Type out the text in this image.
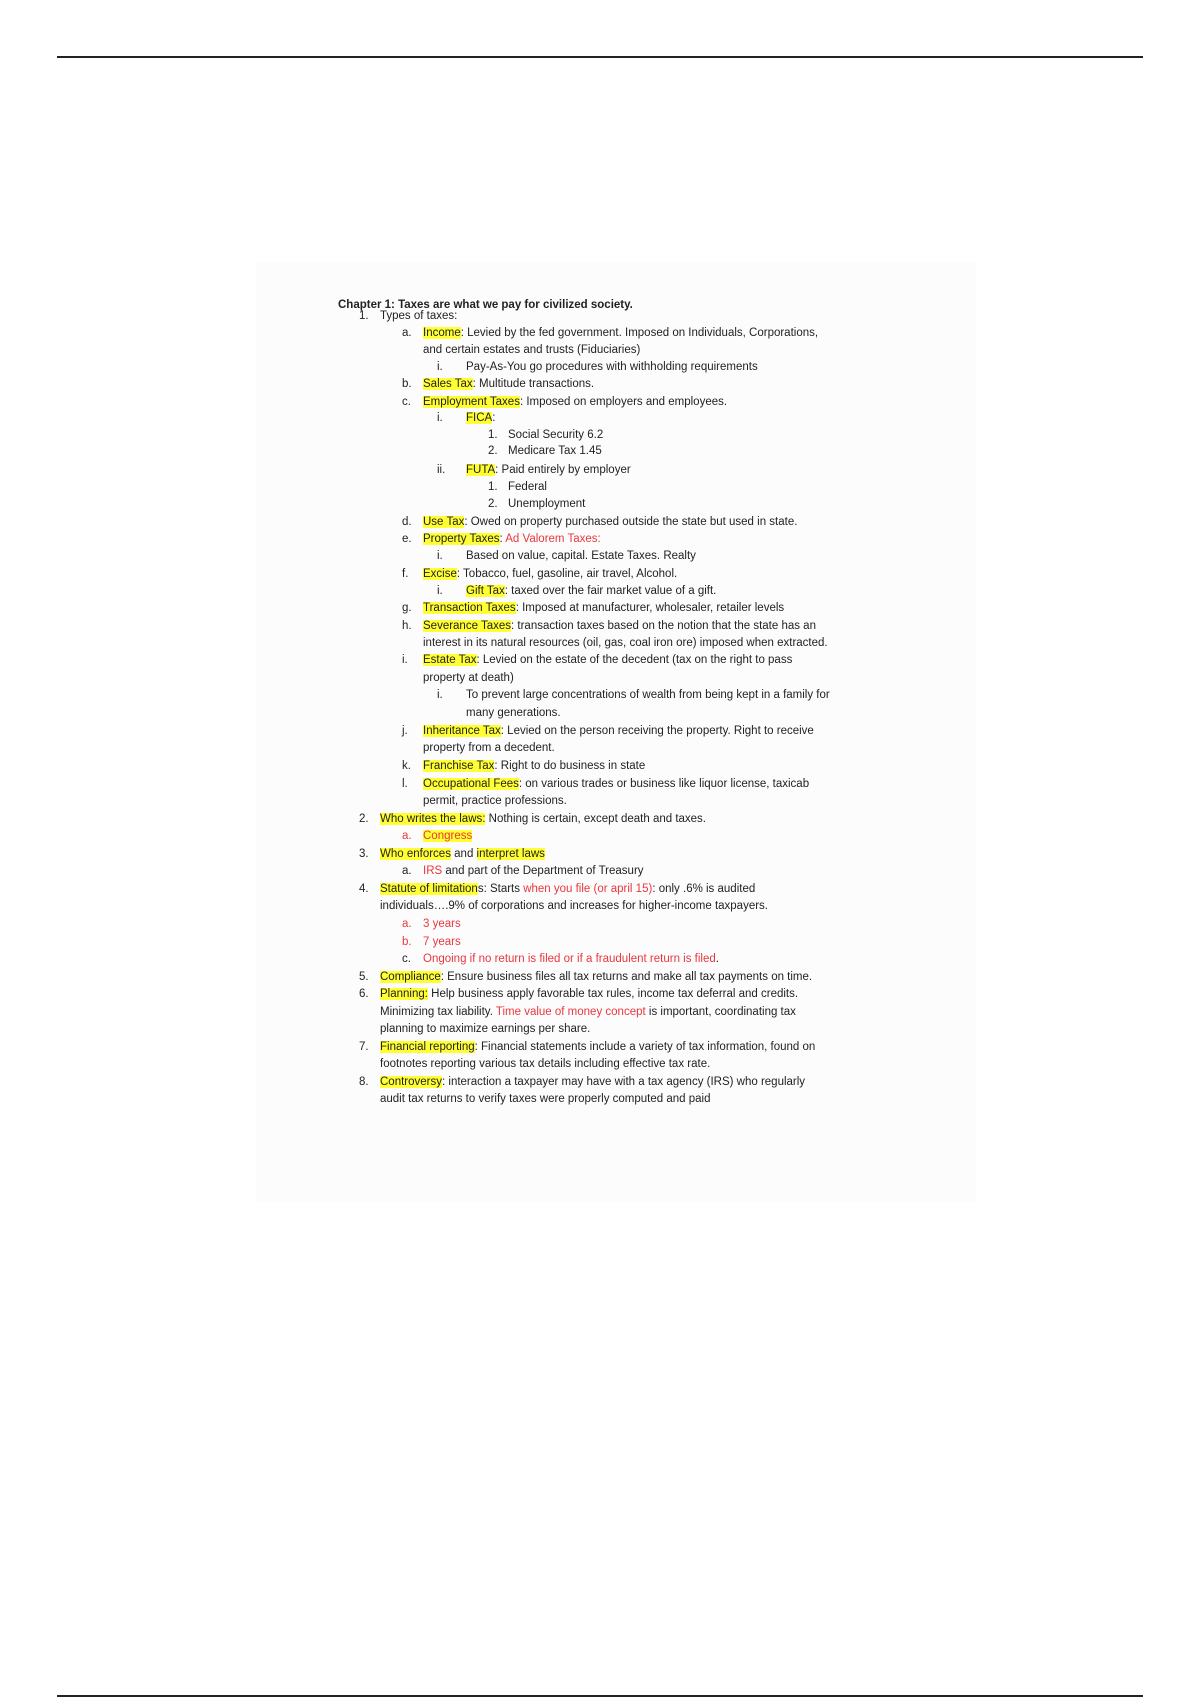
Chapter 1: Taxes are what we pay for civilized society.
1. Types of taxes:
a. Income: Levied by the fed government. Imposed on Individuals, Corporations,
and certain estates and trusts (Fiduciaries)
i. Pay-As-You go procedures with withholding requirements
b. Sales Tax: Multitude transactions.
c. Employment Taxes: Imposed on employers and employees.
i. FICA:
1. Social Security 6.2
2. Medicare Tax 1.45
ii. FUTA: Paid entirely by employer
1. Federal
2. Unemployment
d. Use Tax: Owed on property purchased outside the state but used in state.
e. Property Taxes: Ad Valorem Taxes:
i. Based on value, capital. Estate Taxes. Realty
f. Excise: Tobacco, fuel, gasoline, air travel, Alcohol.
i. Gift Tax: taxed over the fair market value of a gift.
g. Transaction Taxes: Imposed at manufacturer, wholesaler, retailer levels
h. Severance Taxes: transaction taxes based on the notion that the state has an
interest in its natural resources (oil, gas, coal iron ore) imposed when extracted.
i. Estate Tax: Levied on the estate of the decedent (tax on the right to pass
property at death)
i. To prevent large concentrations of wealth from being kept in a family for
many generations.
j. Inheritance Tax: Levied on the person receiving the property. Right to receive
property from a decedent.
k. Franchise Tax: Right to do business in state
l. Occupational Fees: on various trades or business like liquor license, taxicab
permit, practice professions.
2. Who writes the laws: Nothing is certain, except death and taxes.
a. Congress
3. Who enforces and interpret laws
a. IRS and part of the Department of Treasury
4. Statute of limitations: Starts when you file (or april 15): only .6% is audited
individuals….9% of corporations and increases for higher-income taxpayers.
a. 3 years
b. 7 years
c. Ongoing if no return is filed or if a fraudulent return is filed.
5. Compliance: Ensure business files all tax returns and make all tax payments on time.
6. Planning: Help business apply favorable tax rules, income tax deferral and credits.
Minimizing tax liability. Time value of money concept is important, coordinating tax
planning to maximize earnings per share.
7. Financial reporting: Financial statements include a variety of tax information, found on
footnotes reporting various tax details including effective tax rate.
8. Controversy: interaction a taxpayer may have with a tax agency (IRS) who regularly
audit tax returns to verify taxes were properly computed and paid
